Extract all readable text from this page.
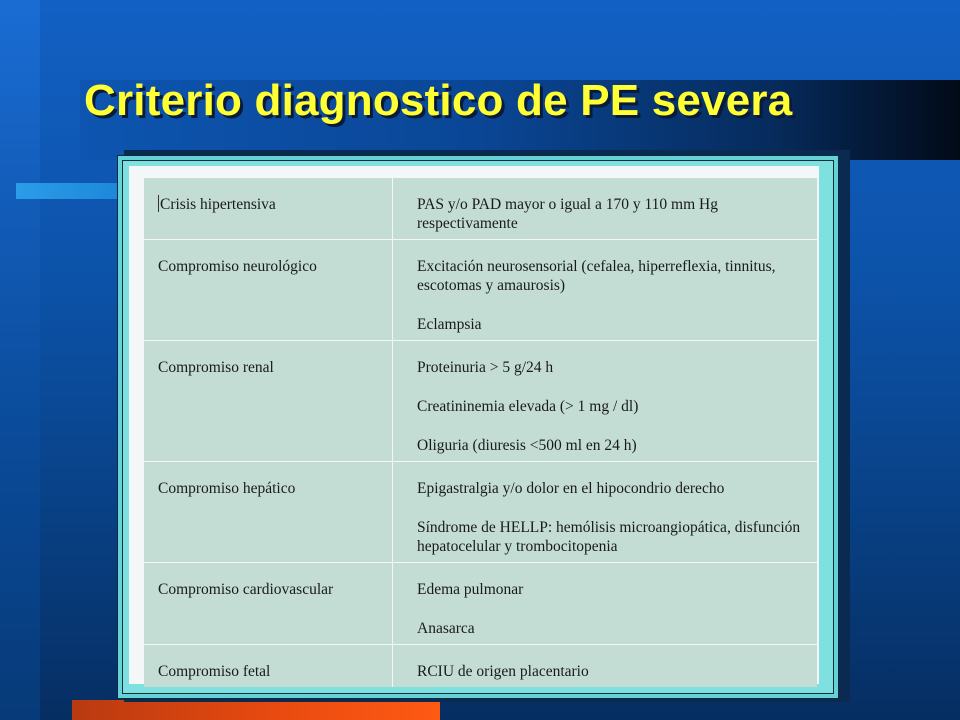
Criterio diagnostico de PE severa
Crisis hipertensiva	PAS y/o PAD mayor o igual a 170 y 110 mm Hg respectivamente

Compromiso neurológico	Excitación neurosensorial (cefalea, hiperreflexia, tinnitus, escotomas y amaurosis)
Eclampsia

Compromiso renal	Proteinuria > 5 g/24 h
Creatininemia elevada (> 1 mg / dl)
Oliguria (diuresis <500 ml en 24 h)

Compromiso hepático	Epigastralgia y/o dolor en el hipocondrio derecho
Síndrome de HELLP: hemólisis microangiopática, disfunción hepatocelular y trombocitopenia

Compromiso cardiovascular	Edema pulmonar
Anasarca

Compromiso fetal	RCIU de origen placentario
